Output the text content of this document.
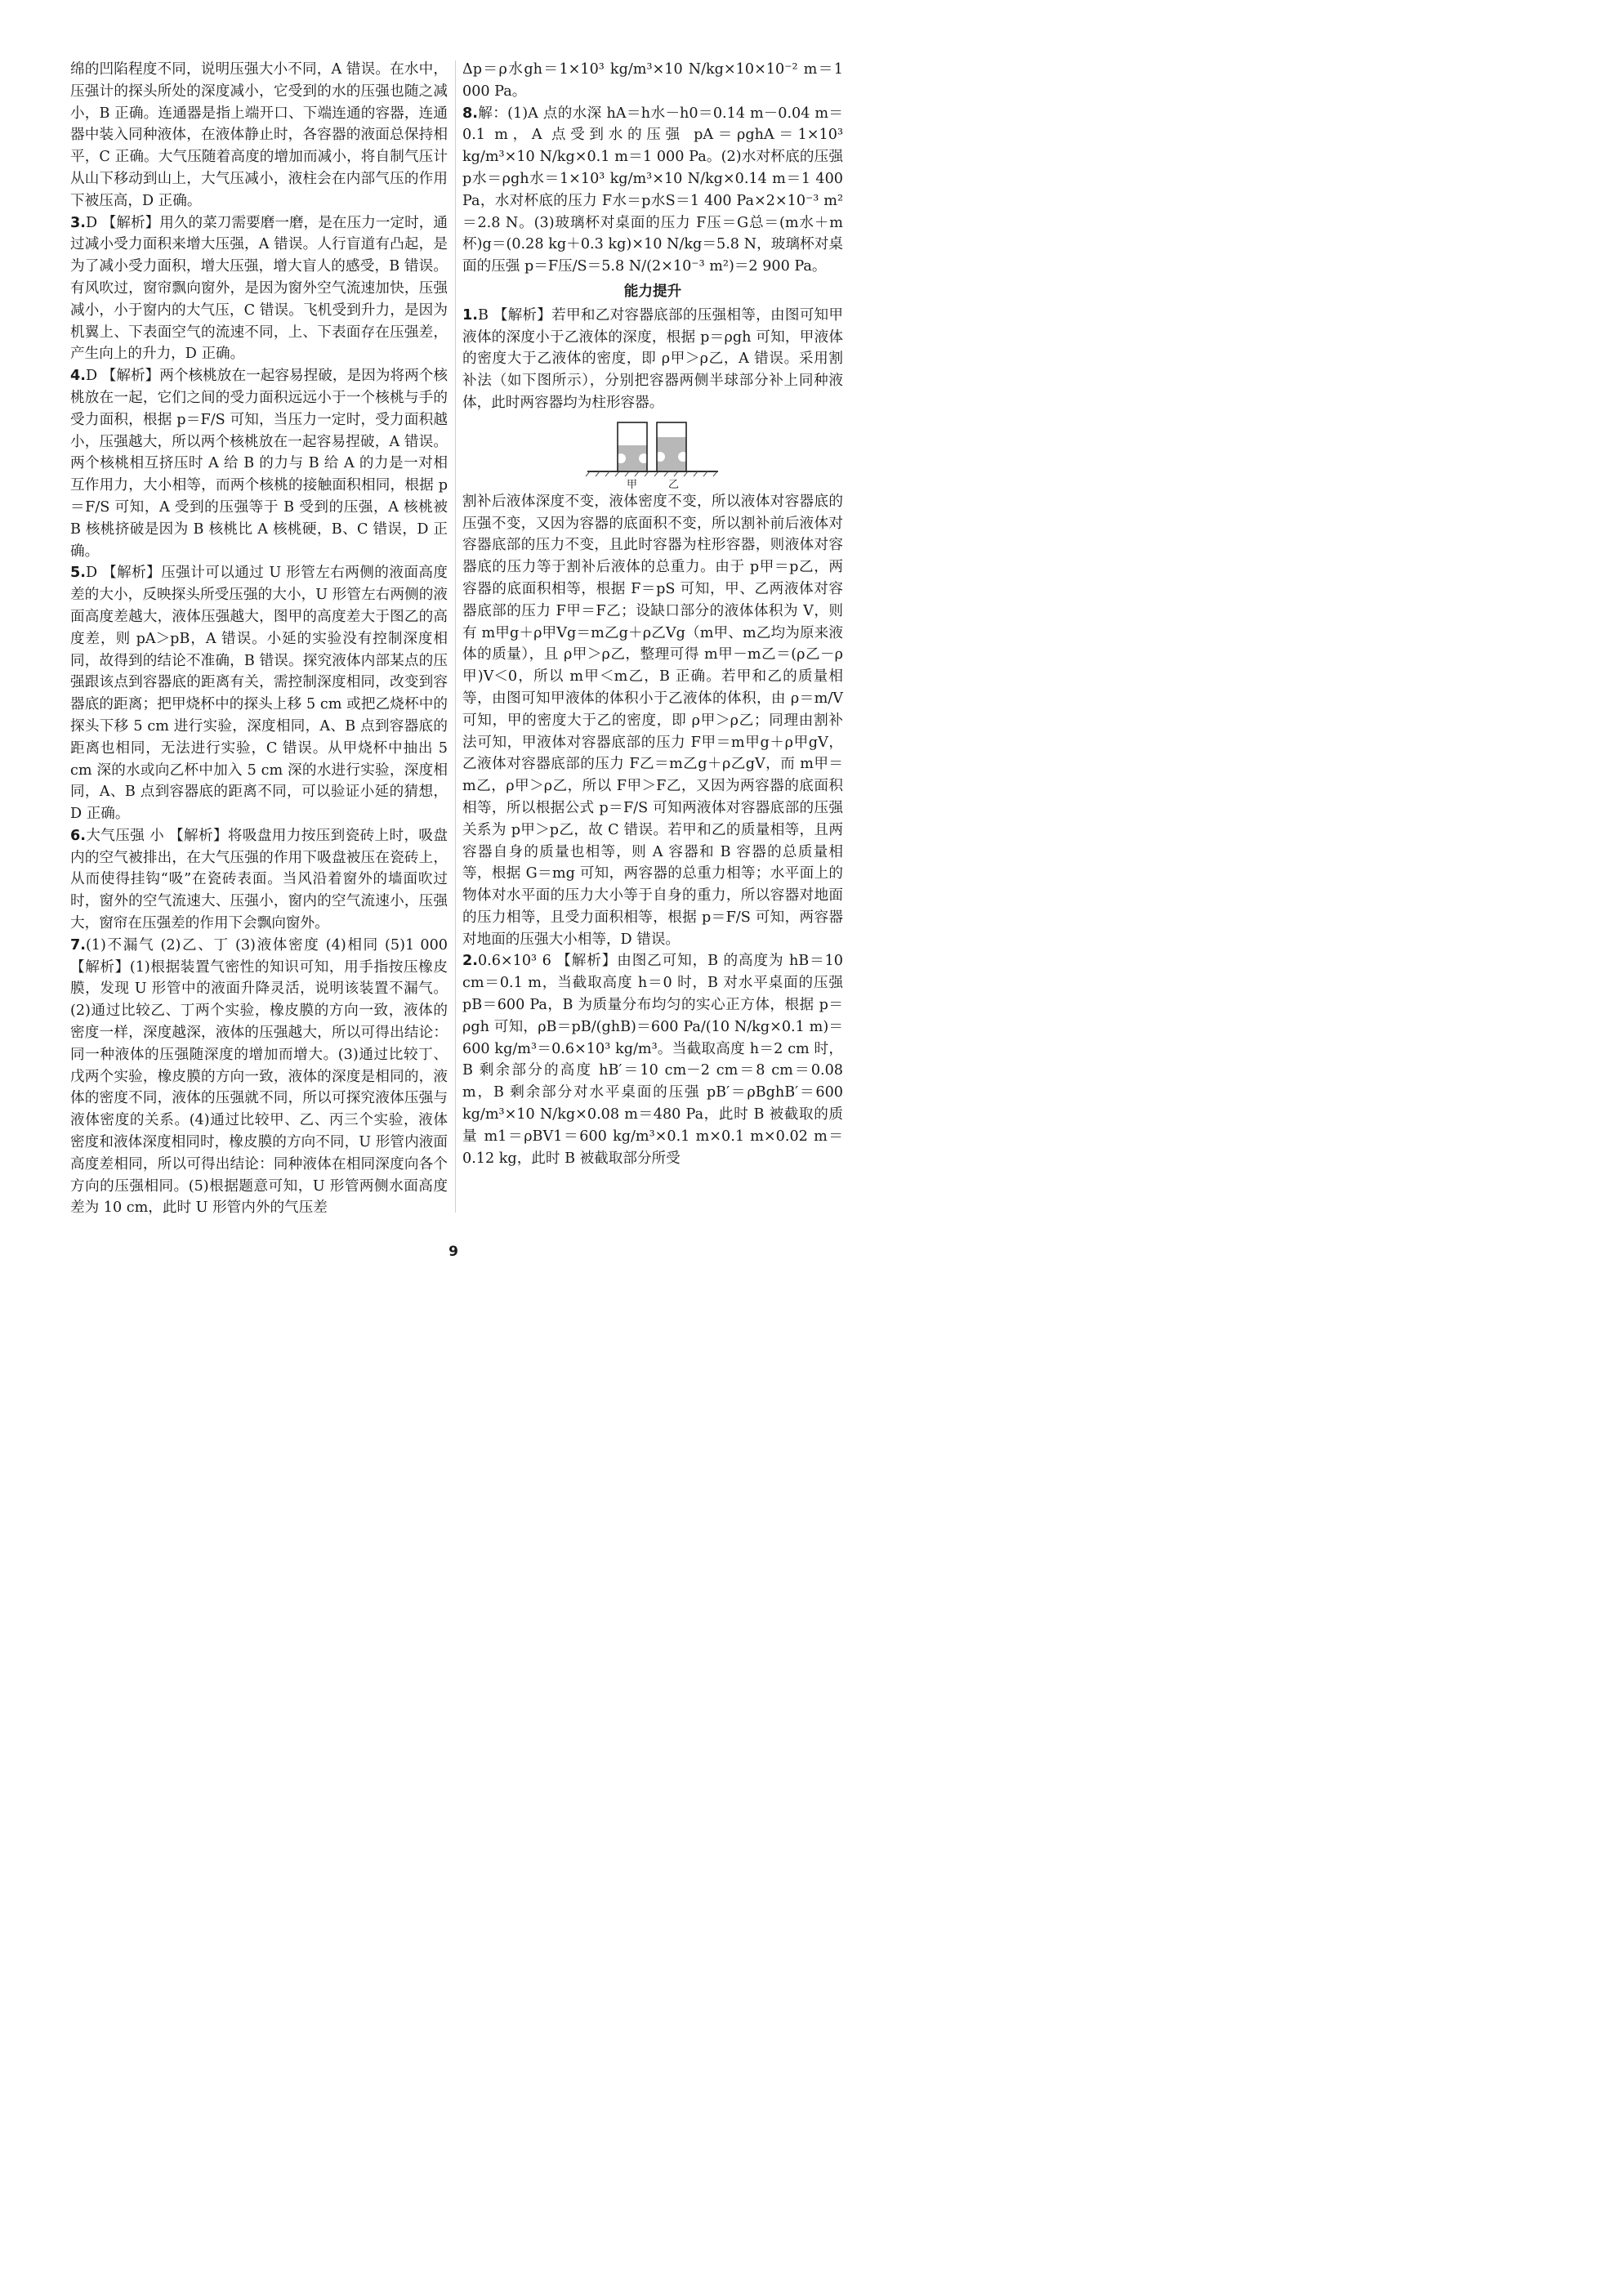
绵的凹陷程度不同，说明压强大小不同，A 错误。在水中，压强计的探头所处的深度减小，它受到的水的压强也随之减小，B 正确。连通器是指上端开口、下端连通的容器，连通器中装入同种液体，在液体静止时，各容器的液面总保持相平，C 正确。大气压随着高度的增加而减小，将自制气压计从山下移动到山上，大气压减小，液柱会在内部气压的作用下被压高，D 正确。

3.D 【解析】用久的菜刀需要磨一磨，是在压力一定时，通过减小受力面积来增大压强，A 错误。人行盲道有凸起，是为了减小受力面积，增大压强，增大盲人的感受，B 错误。有风吹过，窗帘飘向窗外，是因为窗外空气流速加快，压强减小，小于窗内的大气压，C 错误。飞机受到升力，是因为机翼上、下表面空气的流速不同，上、下表面存在压强差，产生向上的升力，D 正确。

4.D 【解析】两个核桃放在一起容易捏破，是因为将两个核桃放在一起，它们之间的受力面积远远小于一个核桃与手的受力面积，根据 p＝F/S 可知，当压力一定时，受力面积越小，压强越大，所以两个核桃放在一起容易捏破，A 错误。两个核桃相互挤压时 A 给 B 的力与 B 给 A 的力是一对相互作用力，大小相等，而两个核桃的接触面积相同，根据 p＝F/S 可知，A 受到的压强等于 B 受到的压强，A 核桃被 B 核桃挤破是因为 B 核桃比 A 核桃硬，B、C 错误，D 正确。

5.D 【解析】压强计可以通过 U 形管左右两侧的液面高度差的大小，反映探头所受压强的大小，U 形管左右两侧的液面高度差越大，液体压强越大，图甲的高度差大于图乙的高度差，则 pA＞pB，A 错误。小延的实验没有控制深度相同，故得到的结论不准确，B 错误。探究液体内部某点的压强跟该点到容器底的距离有关，需控制深度相同，改变到容器底的距离；把甲烧杯中的探头上移 5 cm 或把乙烧杯中的探头下移 5 cm 进行实验，深度相同，A、B 点到容器底的距离也相同，无法进行实验，C 错误。从甲烧杯中抽出 5 cm 深的水或向乙杯中加入 5 cm 深的水进行实验，深度相同，A、B 点到容器底的距离不同，可以验证小延的猜想，D 正确。

6.大气压强 小 【解析】将吸盘用力按压到瓷砖上时，吸盘内的空气被排出，在大气压强的作用下吸盘被压在瓷砖上，从而使得挂钩“吸”在瓷砖表面。当风沿着窗外的墙面吹过时，窗外的空气流速大、压强小，窗内的空气流速小，压强大，窗帘在压强差的作用下会飘向窗外。

7.(1)不漏气 (2)乙、丁 (3)液体密度 (4)相同 (5)1 000 【解析】(1)根据装置气密性的知识可知，用手指按压橡皮膜，发现 U 形管中的液面升降灵活，说明该装置不漏气。(2)通过比较乙、丁两个实验，橡皮膜的方向一致，液体的密度一样，深度越深，液体的压强越大，所以可得出结论：同一种液体的压强随深度的增加而增大。(3)通过比较丁、戊两个实验，橡皮膜的方向一致，液体的深度是相同的，液体的密度不同，液体的压强就不同，所以可探究液体压强与液体密度的关系。(4)通过比较甲、乙、丙三个实验，液体密度和液体深度相同时，橡皮膜的方向不同，U 形管内液面高度差相同，所以可得出结论：同种液体在相同深度向各个方向的压强相同。(5)根据题意可知，U 形管两侧水面高度差为 10 cm，此时 U 形管内外的气压差

Δp＝ρ水gh＝1×10³ kg/m³×10 N/kg×10×10⁻² m＝1 000 Pa。

8.解：(1)A 点的水深 hA＝h水－h0＝0.14 m－0.04 m＝0.1 m，A 点受到水的压强 pA＝ρghA＝1×10³ kg/m³×10 N/kg×0.1 m＝1 000 Pa。(2)水对杯底的压强 p水＝ρgh水＝1×10³ kg/m³×10 N/kg×0.14 m＝1 400 Pa，水对杯底的压力 F水＝p水S＝1 400 Pa×2×10⁻³ m²＝2.8 N。(3)玻璃杯对桌面的压力 F压＝G总＝(m水＋m杯)g＝(0.28 kg＋0.3 kg)×10 N/kg＝5.8 N，玻璃杯对桌面的压强 p＝F压/S＝5.8 N/(2×10⁻³ m²)＝2 900 Pa。

能力提升

1.B 【解析】若甲和乙对容器底部的压强相等，由图可知甲液体的深度小于乙液体的深度，根据 p＝ρgh 可知，甲液体的密度大于乙液体的密度，即 ρ甲＞ρ乙，A 错误。采用割补法（如下图所示），分别把容器两侧半球部分补上同种液体，此时两容器均为柱形容器。

甲	乙

割补后液体深度不变，液体密度不变，所以液体对容器底的压强不变，又因为容器的底面积不变，所以割补前后液体对容器底部的压力不变，且此时容器为柱形容器，则液体对容器底的压力等于割补后液体的总重力。由于 p甲＝p乙，两容器的底面积相等，根据 F＝pS 可知，甲、乙两液体对容器底部的压力 F甲＝F乙；设缺口部分的液体体积为 V，则有 m甲g＋ρ甲Vg＝m乙g＋ρ乙Vg（m甲、m乙均为原来液体的质量），且 ρ甲＞ρ乙，整理可得 m甲－m乙＝(ρ乙－ρ甲)V＜0，所以 m甲＜m乙，B 正确。若甲和乙的质量相等，由图可知甲液体的体积小于乙液体的体积，由 ρ＝m/V 可知，甲的密度大于乙的密度，即 ρ甲＞ρ乙；同理由割补法可知，甲液体对容器底部的压力 F甲＝m甲g＋ρ甲gV，乙液体对容器底部的压力 F乙＝m乙g＋ρ乙gV，而 m甲＝m乙，ρ甲＞ρ乙，所以 F甲＞F乙，又因为两容器的底面积相等，所以根据公式 p＝F/S 可知两液体对容器底部的压强关系为 p甲＞p乙，故 C 错误。若甲和乙的质量相等，且两容器自身的质量也相等，则 A 容器和 B 容器的总质量相等，根据 G＝mg 可知，两容器的总重力相等；水平面上的物体对水平面的压力大小等于自身的重力，所以容器对地面的压力相等，且受力面积相等，根据 p＝F/S 可知，两容器对地面的压强大小相等，D 错误。

2.0.6×10³ 6 【解析】由图乙可知，B 的高度为 hB＝10 cm＝0.1 m，当截取高度 h＝0 时，B 对水平桌面的压强 pB＝600 Pa，B 为质量分布均匀的实心正方体，根据 p＝ρgh 可知，ρB＝pB/(ghB)＝600 Pa/(10 N/kg×0.1 m)＝600 kg/m³＝0.6×10³ kg/m³。当截取高度 h＝2 cm 时，B 剩余部分的高度 hB′＝10 cm－2 cm＝8 cm＝0.08 m，B 剩余部分对水平桌面的压强 pB′＝ρBghB′＝600 kg/m³×10 N/kg×0.08 m＝480 Pa，此时 B 被截取的质量 m1＝ρBV1＝600 kg/m³×0.1 m×0.1 m×0.02 m＝0.12 kg，此时 B 被截取部分所受

9
